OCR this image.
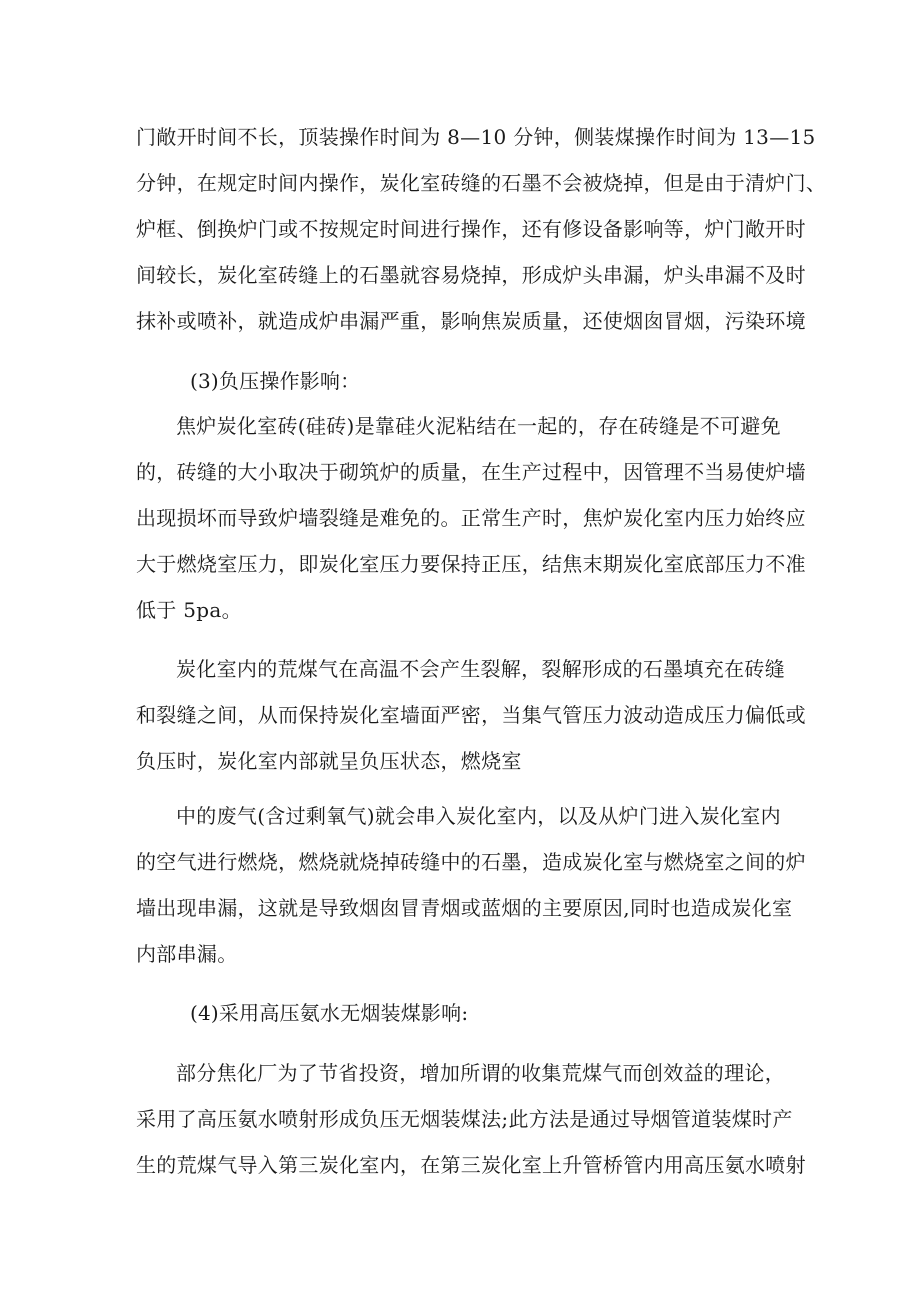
门敞开时间不长，顶装操作时间为 8—10 分钟，侧装煤操作时间为 13—15
分钟，在规定时间内操作，炭化室砖缝的石墨不会被烧掉，但是由于清炉门、
炉框、倒换炉门或不按规定时间进行操作，还有修设备影响等，炉门敞开时
间较长，炭化室砖缝上的石墨就容易烧掉，形成炉头串漏，炉头串漏不及时
抹补或喷补，就造成炉串漏严重，影响焦炭质量，还使烟囱冒烟，污染环境
(3)负压操作影响：
焦炉炭化室砖(硅砖)是靠硅火泥粘结在一起的，存在砖缝是不可避免
的，砖缝的大小取决于砌筑炉的质量，在生产过程中，因管理不当易使炉墙
出现损坏而导致炉墙裂缝是难免的。正常生产时，焦炉炭化室内压力始终应
大于燃烧室压力，即炭化室压力要保持正压，结焦末期炭化室底部压力不准
低于 5pa。
炭化室内的荒煤气在高温不会产生裂解，裂解形成的石墨填充在砖缝
和裂缝之间，从而保持炭化室墙面严密，当集气管压力波动造成压力偏低或
负压时，炭化室内部就呈负压状态，燃烧室
中的废气(含过剩氧气)就会串入炭化室内，以及从炉门进入炭化室内
的空气进行燃烧，燃烧就烧掉砖缝中的石墨，造成炭化室与燃烧室之间的炉
墙出现串漏，这就是导致烟囱冒青烟或蓝烟的主要原因,同时也造成炭化室
内部串漏。
(4)采用高压氨水无烟装煤影响:
部分焦化厂为了节省投资，增加所谓的收集荒煤气而创效益的理论，
采用了高压氨水喷射形成负压无烟装煤法;此方法是通过导烟管道装煤时产
生的荒煤气导入第三炭化室内，在第三炭化室上升管桥管内用高压氨水喷射
